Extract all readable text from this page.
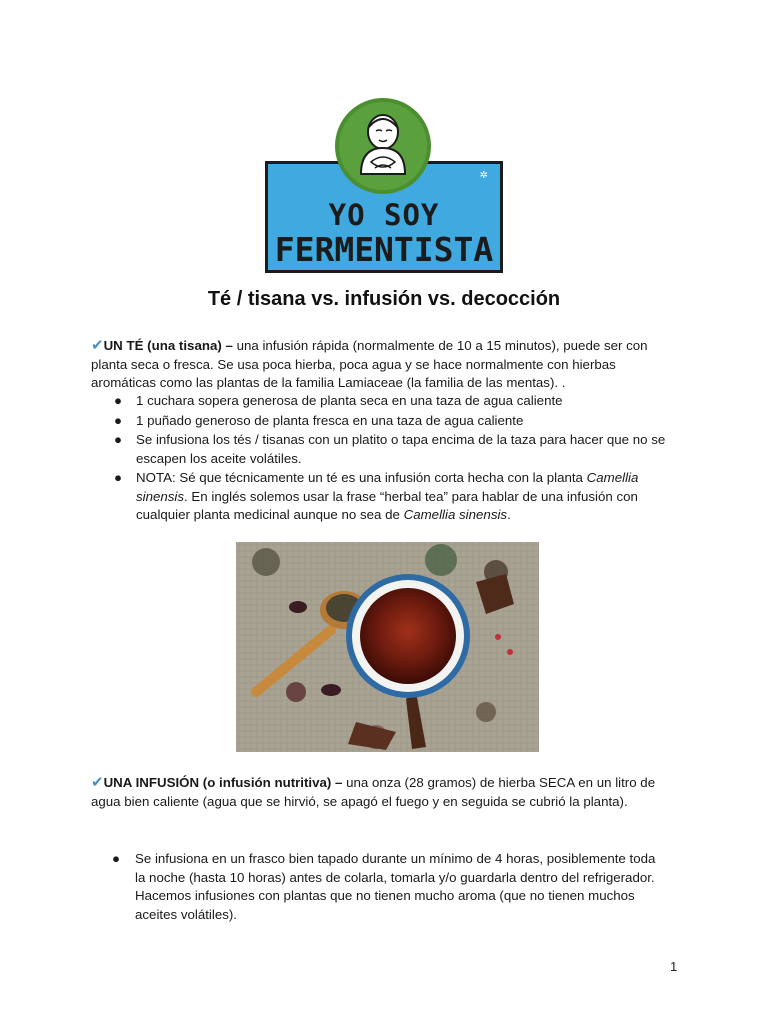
✲
YO SOY
FERMENTISTA
Té / tisana vs. infusión vs. decocción
✔UN TÉ (una tisana) – una infusión rápida (normalmente de 10 a 15 minutos), puede ser con planta seca o fresca. Se usa poca hierba, poca agua y se hace normalmente con hierbas aromáticas como las plantas de la familia Lamiaceae (la familia de las mentas). .
● 1 cuchara sopera generosa de planta seca en una taza de agua caliente
● 1 puñado generoso de planta fresca en una taza de agua caliente
● Se infusiona los tés / tisanas con un platito o tapa encima de la taza para hacer que no se escapen los aceite volátiles.
● NOTA: Sé que técnicamente un té es una infusión corta hecha con la planta Camellia sinensis. En inglés solemos usar la frase “herbal tea” para hablar de una infusión con cualquier planta medicinal aunque no sea de Camellia sinensis.
✔UNA INFUSIÓN (o infusión nutritiva) – una onza (28 gramos) de hierba SECA en un litro de agua bien caliente (agua que se hirvió, se apagó el fuego y en seguida se cubrió la planta).
● Se infusiona en un frasco bien tapado durante un mínimo de 4 horas, posiblemente toda la noche (hasta 10 horas) antes de colarla, tomarla y/o guardarla dentro del refrigerador. Hacemos infusiones con plantas que no tienen mucho aroma (que no tienen muchos aceites volátiles).
1
